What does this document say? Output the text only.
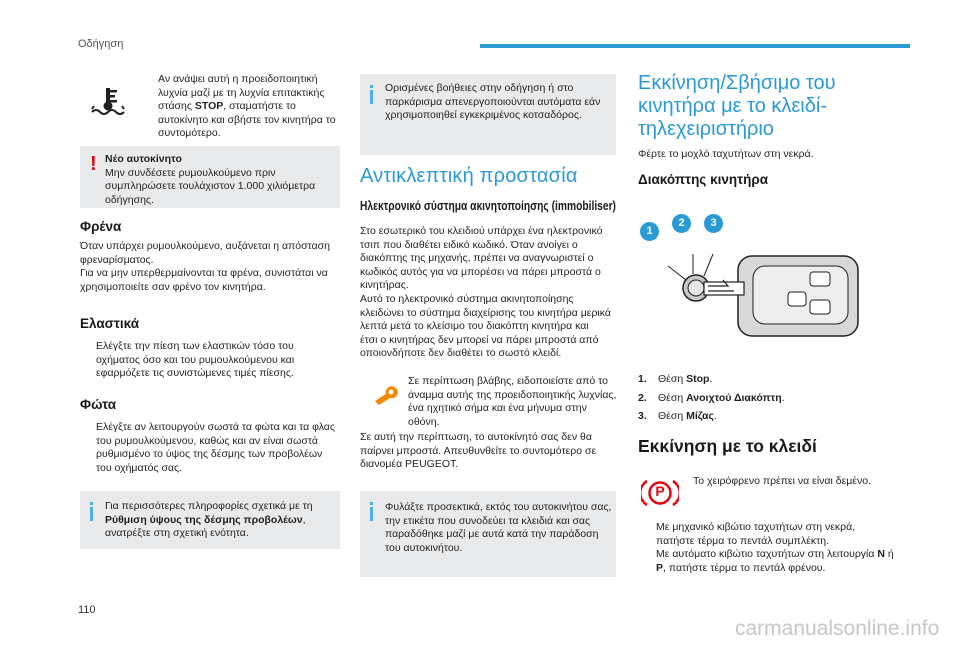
Οδήγηση
110
carmanualsonline.info
Αν ανάψει αυτή η προειδοποιητική
λυχνία μαζί με τη λυχνία επιτακτικής
στάσης STOP, σταματήστε το
αυτοκίνητο και σβήστε τον κινητήρα το
συντομότερο.
! Νέο αυτοκίνητο
Μην συνδέσετε ρυμουλκούμενο πριν
συμπληρώσετε τουλάχιστον 1.000 χιλιόμετρα
οδήγησης.
Φρένα
Όταν υπάρχει ρυμουλκούμενο, αυξάνεται η απόσταση
φρεναρίσματος.
Για να μην υπερθερμαίνονται τα φρένα, συνιστάται να
χρησιμοποιείτε σαν φρένο τον κινητήρα.
Ελαστικά
Ελέγξτε την πίεση των ελαστικών τόσο του
οχήματος όσο και του ρυμουλκούμενου και
εφαρμόζετε τις συνιστώμενες τιμές πίεσης.
Φώτα
Ελέγξτε αν λειτουργούν σωστά τα φώτα και τα φλας
του ρυμουλκούμενου, καθώς και αν είναι σωστά
ρυθμισμένο το ύψος της δέσμης των προβολέων
του οχήματός σας.
Για περισσότερες πληροφορίες σχετικά με τη
Ρύθμιση ύψους της δέσμης προβολέων,
ανατρέξτε στη σχετική ενότητα.
Ορισμένες βοήθειες στην οδήγηση ή στο
παρκάρισμα απενεργοποιούνται αυτόματα εάν
χρησιμοποιηθεί εγκεκριμένος κοτσαδόρος.
Αντικλεπτική προστασία
Ηλεκτρονικό σύστημα ακινητοποίησης (immobiliser)
Στο εσωτερικό του κλειδιού υπάρχει ένα ηλεκτρονικό
τσιπ που διαθέτει ειδικό κωδικό. Όταν ανοίγει ο
διακόπτης της μηχανής, πρέπει να αναγνωριστεί ο
κωδικός αυτός για να μπορέσει να πάρει μπροστά ο
κινητήρας.
Αυτό το ηλεκτρονικό σύστημα ακινητοποίησης
κλειδώνει το σύστημα διαχείρισης του κινητήρα μερικά
λεπτά μετά το κλείσιμο του διακόπτη κινητήρα και
έτσι ο κινητήρας δεν μπορεί να πάρει μπροστά από
οποιονδήποτε δεν διαθέτει το σωστό κλειδί.
Σε περίπτωση βλάβης, ειδοποιείστε από το
άναμμα αυτής της προειδοποιητικής λυχνίας,
ένα ηχητικό σήμα και ένα μήνυμα στην οθόνη.
Σε αυτή την περίπτωση, το αυτοκίνητό σας δεν θα
παίρνει μπροστά. Απευθυνθείτε το συντομότερο σε
διανομέα PEUGEOT.
Φυλάξτε προσεκτικά, εκτός του αυτοκινήτου σας,
την ετικέτα που συνοδεύει τα κλειδιά και σας
παραδόθηκε μαζί με αυτά κατά την παράδοση
του αυτοκινήτου.
Εκκίνηση/Σβήσιμο του
κινητήρα με το κλειδί-
τηλεχειριστήριο
Φέρτε το μοχλό ταχυτήτων στη νεκρά.
Διακόπτης κινητήρα
1
2	3
1. Θέση Stop.
2. Θέση Ανοιχτού Διακόπτη.
3. Θέση Μίζας.
Εκκίνηση με το κλειδί
P
Το χειρόφρενο πρέπει να είναι δεμένο.
Με μηχανικό κιβώτιο ταχυτήτων στη νεκρά,
πατήστε τέρμα το πεντάλ συμπλέκτη.
Με αυτόματο κιβώτιο ταχυτήτων στη λειτουργία N ή
P, πατήστε τέρμα το πεντάλ φρένου.
